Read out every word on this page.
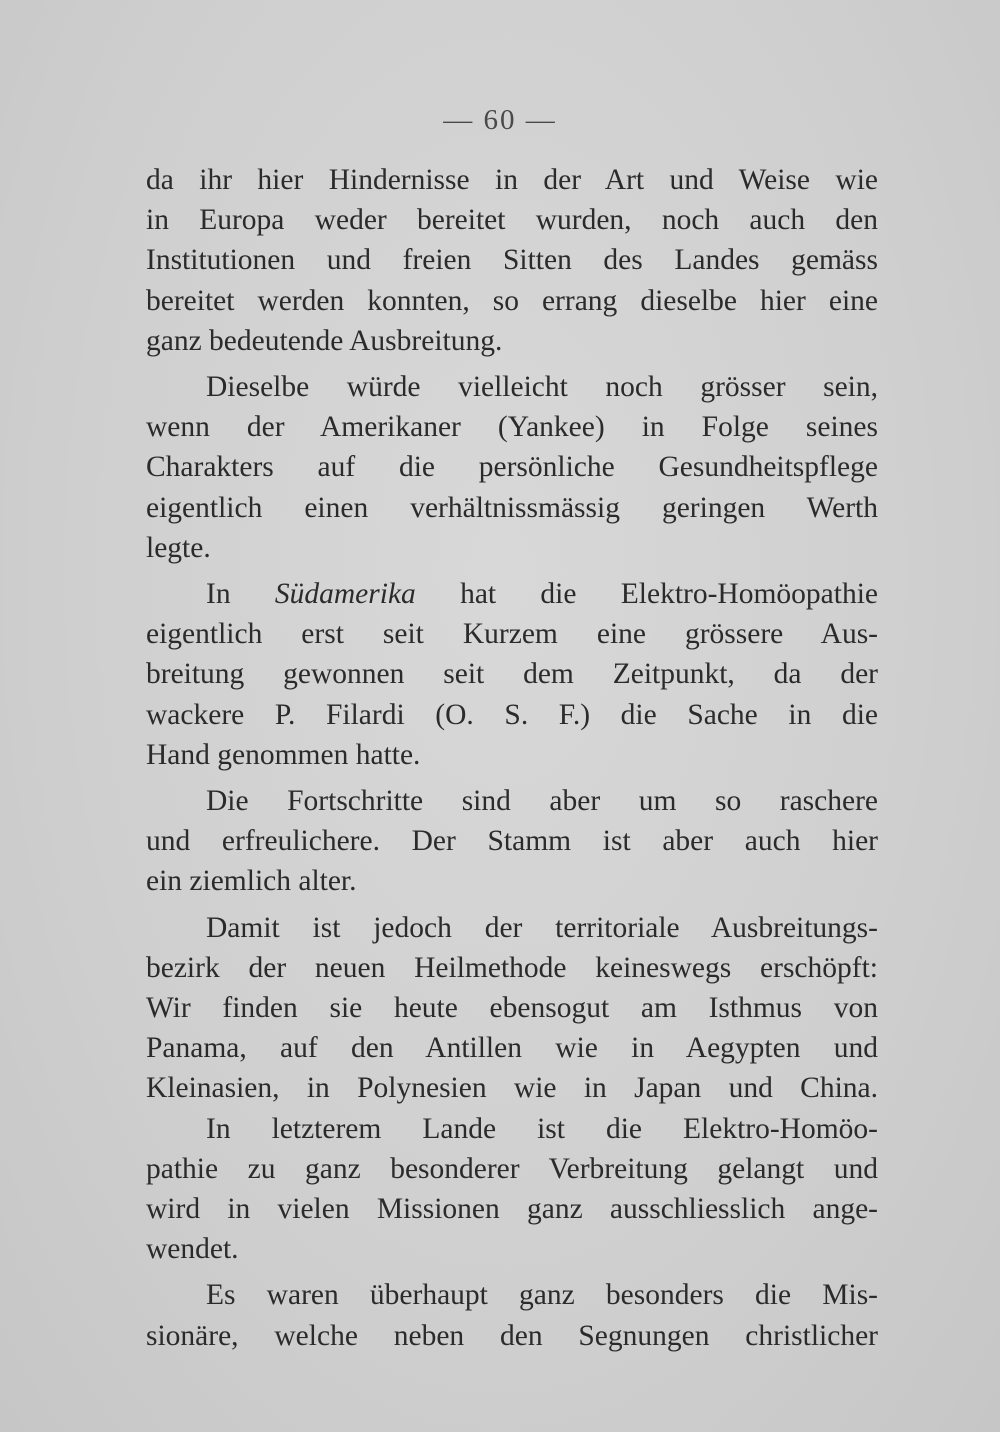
— 60 —
da ihr hier Hindernisse in der Art und Weise wie
in Europa weder bereitet wurden, noch auch den
Institutionen und freien Sitten des Landes gemäss
bereitet werden konnten, so errang dieselbe hier eine
ganz bedeutende Ausbreitung.
Dieselbe würde vielleicht noch grösser sein,
wenn der Amerikaner (Yankee) in Folge seines
Charakters auf die persönliche Gesundheitspflege
eigentlich einen verhältnissmässig geringen Werth
legte.
In Südamerika hat die Elektro-Homöopathie
eigentlich erst seit Kurzem eine grössere Aus-
breitung gewonnen seit dem Zeitpunkt, da der
wackere P. Filardi (O. S. F.) die Sache in die
Hand genommen hatte.
Die Fortschritte sind aber um so raschere
und erfreulichere. Der Stamm ist aber auch hier
ein ziemlich alter.
Damit ist jedoch der territoriale Ausbreitungs-
bezirk der neuen Heilmethode keineswegs erschöpft:
Wir finden sie heute ebensogut am Isthmus von
Panama, auf den Antillen wie in Aegypten und
Kleinasien, in Polynesien wie in Japan und China.
In letzterem Lande ist die Elektro-Homöo-
pathie zu ganz besonderer Verbreitung gelangt und
wird in vielen Missionen ganz ausschliesslich ange-
wendet.
Es waren überhaupt ganz besonders die Mis-
sionäre, welche neben den Segnungen christlicher
